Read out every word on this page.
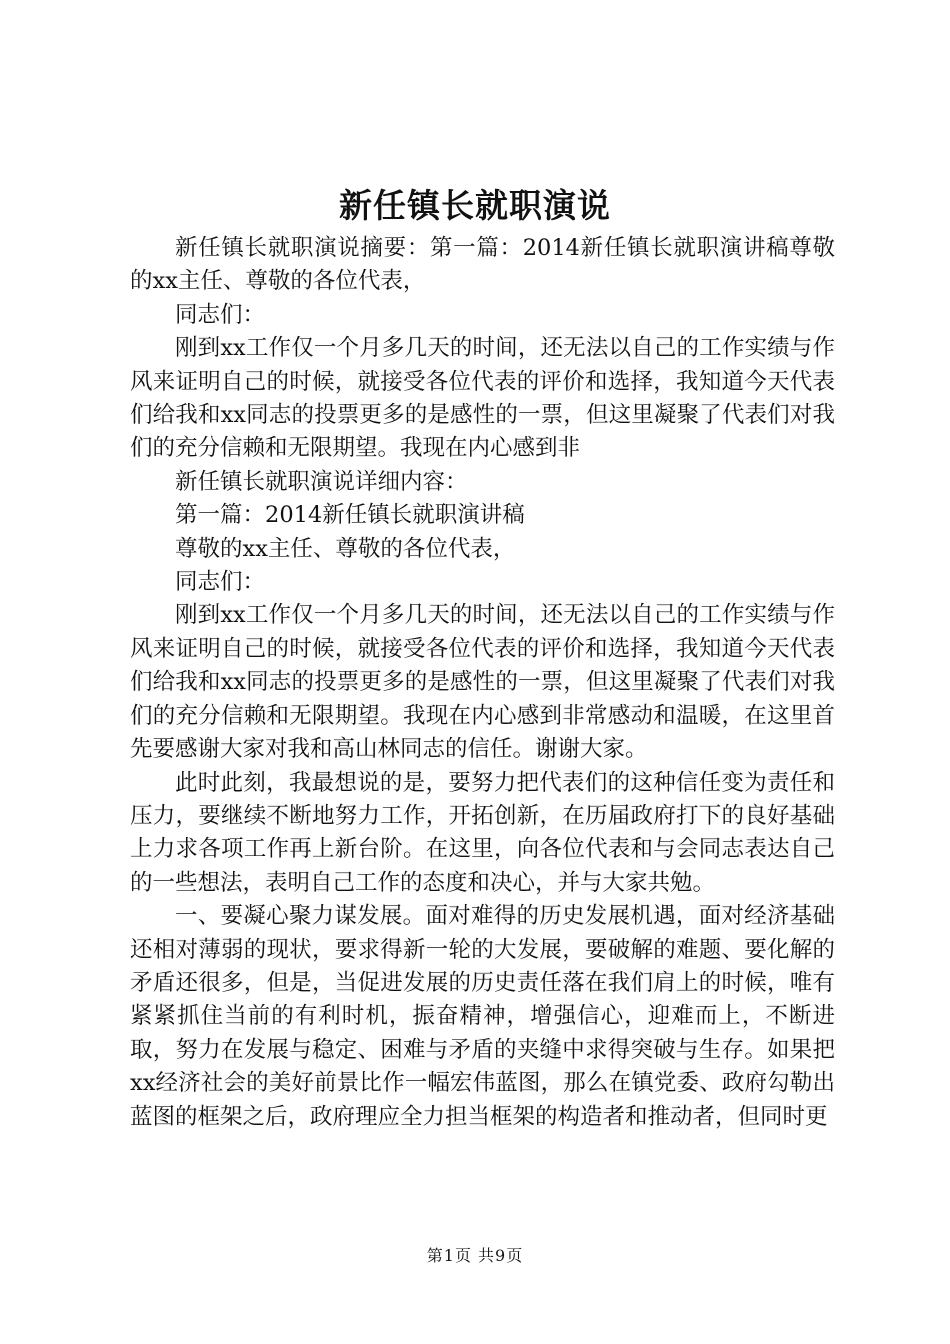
新任镇长就职演说

新任镇长就职演说摘要：第一篇：2014新任镇长就职演讲稿尊敬的xx主任、尊敬的各位代表，

同志们：

刚到xx工作仅一个月多几天的时间，还无法以自己的工作实绩与作风来证明自己的时候，就接受各位代表的评价和选择，我知道今天代表们给我和xx同志的投票更多的是感性的一票，但这里凝聚了代表们对我们的充分信赖和无限期望。我现在内心感到非

新任镇长就职演说详细内容：

第一篇：2014新任镇长就职演讲稿

尊敬的xx主任、尊敬的各位代表，

同志们：

刚到xx工作仅一个月多几天的时间，还无法以自己的工作实绩与作风来证明自己的时候，就接受各位代表的评价和选择，我知道今天代表们给我和xx同志的投票更多的是感性的一票，但这里凝聚了代表们对我们的充分信赖和无限期望。我现在内心感到非常感动和温暖，在这里首先要感谢大家对我和高山林同志的信任。谢谢大家。

此时此刻，我最想说的是，要努力把代表们的这种信任变为责任和压力，要继续不断地努力工作，开拓创新，在历届政府打下的良好基础上力求各项工作再上新台阶。在这里，向各位代表和与会同志表达自己的一些想法，表明自己工作的态度和决心，并与大家共勉。

一、要凝心聚力谋发展。面对难得的历史发展机遇，面对经济基础还相对薄弱的现状，要求得新一轮的大发展，要破解的难题、要化解的矛盾还很多，但是，当促进发展的历史责任落在我们肩上的时候，唯有紧紧抓住当前的有利时机，振奋精神，增强信心，迎难而上，不断进取，努力在发展与稳定、困难与矛盾的夹缝中求得突破与生存。如果把xx经济社会的美好前景比作一幅宏伟蓝图，那么在镇党委、政府勾勒出蓝图的框架之后，政府理应全力担当框架的构造者和推动者，但同时更

第1页 共9页
